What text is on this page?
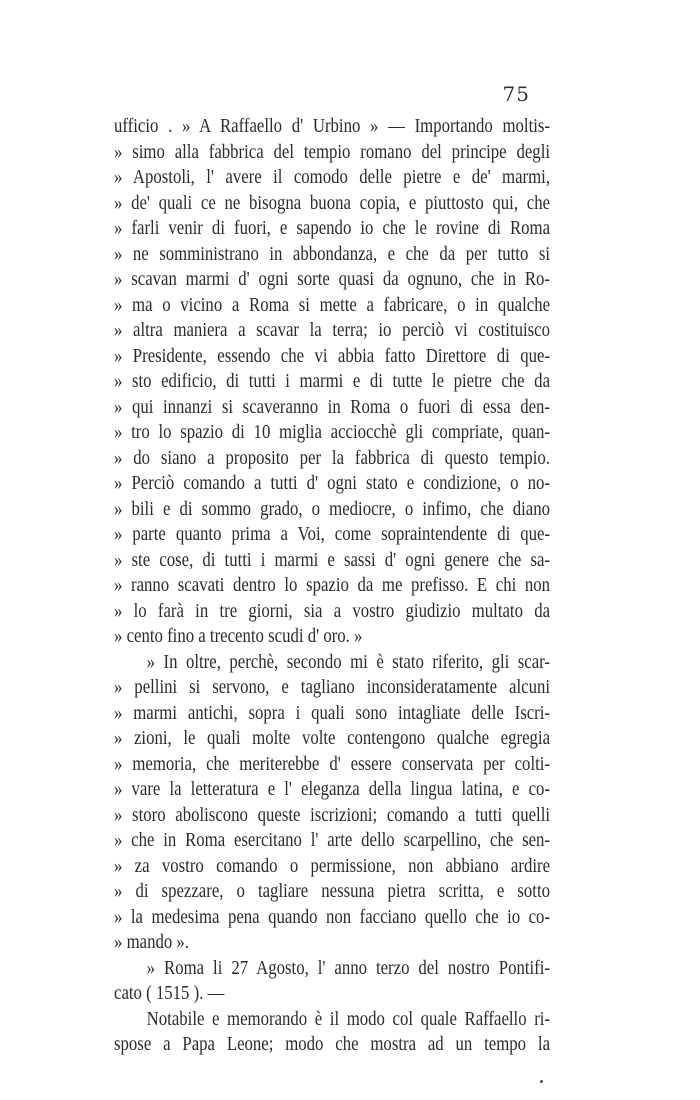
75
ufficio . » A Raffaello d' Urbino » — Importando moltis-
» simo alla fabbrica del tempio romano del principe degli
» Apostoli, l' avere il comodo delle pietre e de' marmi,
» de' quali ce ne bisogna buona copia, e piuttosto qui, che
» farli venir di fuori, e sapendo io che le rovine di Roma
» ne somministrano in abbondanza, e che da per tutto si
» scavan marmi d' ogni sorte quasi da ognuno, che in Ro-
» ma o vicino a Roma si mette a fabricare, o in qualche
» altra maniera a scavar la terra; io perciò vi costituisco
» Presidente, essendo che vi abbia fatto Direttore di que-
» sto edificio, di tutti i marmi e di tutte le pietre che da
» qui innanzi si scaveranno in Roma o fuori di essa den-
» tro lo spazio di 10 miglia acciocchè gli compriate, quan-
» do siano a proposito per la fabbrica di questo tempio.
» Perciò comando a tutti d' ogni stato e condizione, o no-
» bili e di sommo grado, o mediocre, o infimo, che diano
» parte quanto prima a Voi, come sopraintendente di que-
» ste cose, di tutti i marmi e sassi d' ogni genere che sa-
» ranno scavati dentro lo spazio da me prefisso. E chi non
» lo farà in tre giorni, sia a vostro giudizio multato da
» cento fino a trecento scudi d' oro. »
» In oltre, perchè, secondo mi è stato riferito, gli scar-
» pellini si servono, e tagliano inconsideratamente alcuni
» marmi antichi, sopra i quali sono intagliate delle Iscri-
» zioni, le quali molte volte contengono qualche egregia
» memoria, che meriterebbe d' essere conservata per colti-
» vare la letteratura e l' eleganza della lingua latina, e co-
» storo aboliscono queste iscrizioni; comando a tutti quelli
» che in Roma esercitano l' arte dello scarpellino, che sen-
» za vostro comando o permissione, non abbiano ardire
» di spezzare, o tagliare nessuna pietra scritta, e sotto
» la medesima pena quando non facciano quello che io co-
» mando ».
» Roma li 27 Agosto, l' anno terzo del nostro Pontifi-
cato ( 1515 ). —
Notabile e memorando è il modo col quale Raffaello ri-
spose a Papa Leone; modo che mostra ad un tempo la
